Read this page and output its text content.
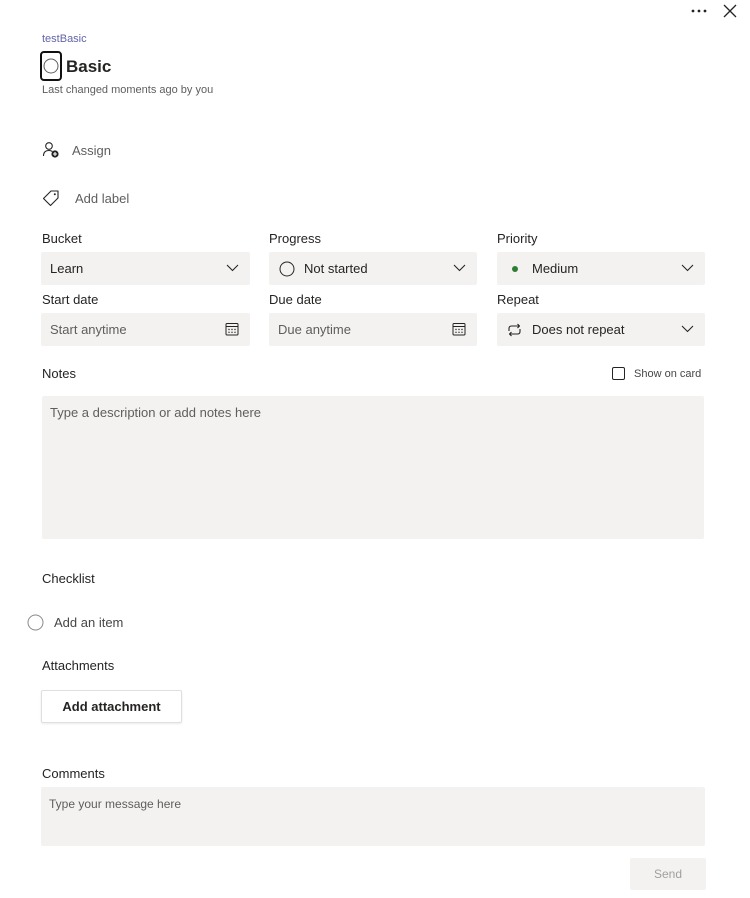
testBasic
Basic
Last changed moments ago by you
Assign
Add label
Bucket
Learn
Progress
Not started
Priority
Medium
Start date
Start anytime
Due date
Due anytime
Repeat
Does not repeat
Notes	Show on card
Type a description or add notes here
Checklist
Add an item
Attachments
Add attachment
Comments
Type your message here
Send
